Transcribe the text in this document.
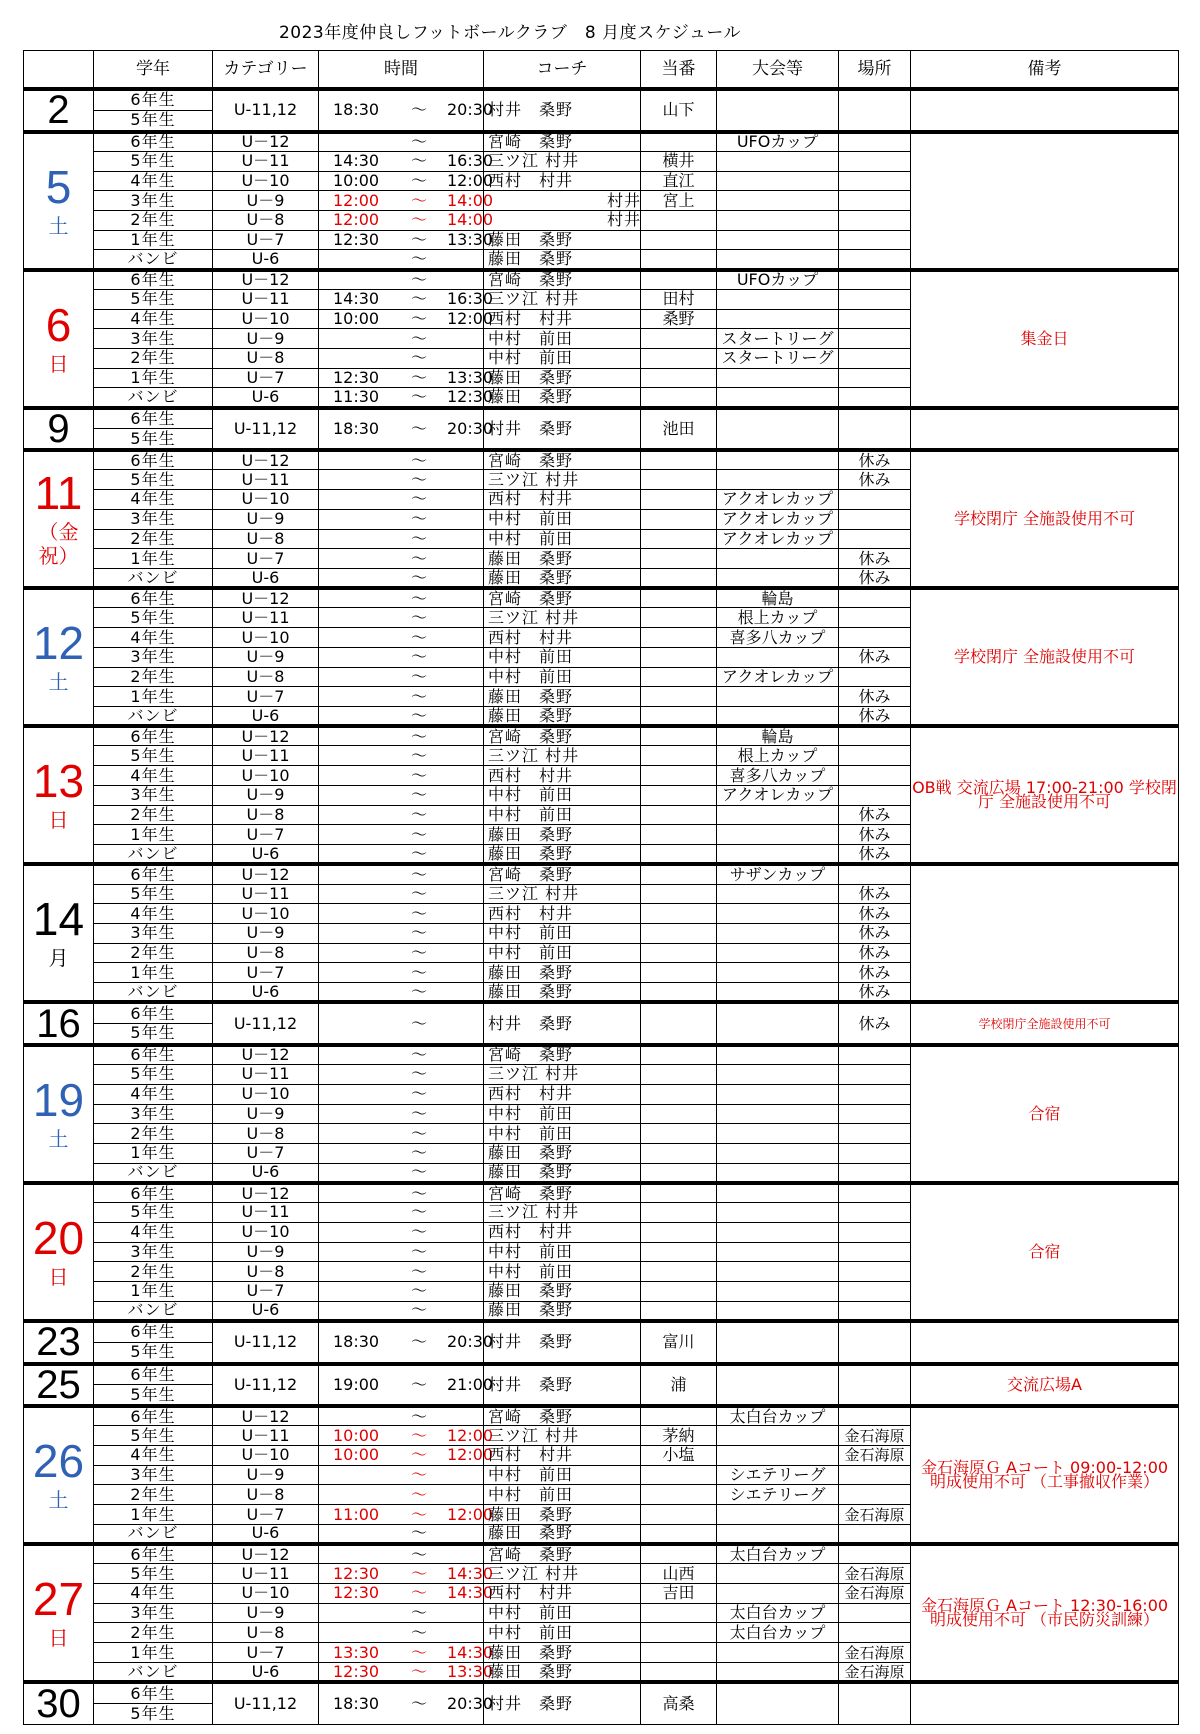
2023年度仲良しフットボールクラブ　8 月度スケジュール
	学年	カテゴリー	時間	コーチ	当番	大会等	場所	備考

2	6年生	U-11,12	18:30 ～ 20:30	村井　桑野	山下			
	5年生							

5
土	6年生	U－12	～	宮崎　桑野		UFOカップ		
	5年生	U－11	14:30 ～ 16:30	三ツ江 村井	横井			
	4年生	U－10	10:00 ～ 12:00	西村　村井	直江			
	3年生	U－9	12:00 ～ 14:00	　　　　　　　村井	宮上			
	2年生	U－8	12:00 ～ 14:00	　　　　　　　村井				
	1年生	U－7	12:30 ～ 13:30	藤田　桑野				
	バンビ	U-6	～	藤田　桑野				

6
日	6年生	U－12	～	宮崎　桑野		UFOカップ		集金日
	5年生	U－11	14:30 ～ 16:30	三ツ江 村井	田村			
	4年生	U－10	10:00 ～ 12:00	西村　村井	桑野			
	3年生	U－9	～	中村　前田		スタートリーグ		
	2年生	U－8	～	中村　前田		スタートリーグ		
	1年生	U－7	12:30 ～ 13:30	藤田　桑野				
	バンビ	U-6	11:30 ～ 12:30	藤田　桑野				

9	6年生	U-11,12	18:30 ～ 20:30	村井　桑野	池田			
	5年生							

11
（金
祝）	6年生	U－12	～	宮崎　桑野			休み	学校閉庁 全施設使用不可
	5年生	U－11	～	三ツ江 村井			休み	
	4年生	U－10	～	西村　村井		アクオレカップ		
	3年生	U－9	～	中村　前田		アクオレカップ		
	2年生	U－8	～	中村　前田		アクオレカップ		
	1年生	U－7	～	藤田　桑野			休み	
	バンビ	U-6	～	藤田　桑野			休み	

12
土	6年生	U－12	～	宮崎　桑野		輪島		学校閉庁 全施設使用不可
	5年生	U－11	～	三ツ江 村井		根上カップ		
	4年生	U－10	～	西村　村井		喜多八カップ		
	3年生	U－9	～	中村　前田			休み	
	2年生	U－8	～	中村　前田		アクオレカップ		
	1年生	U－7	～	藤田　桑野			休み	
	バンビ	U-6	～	藤田　桑野			休み	

13
日	6年生	U－12	～	宮崎　桑野		輪島		OB戦 交流広場 17:00-21:00 学校閉庁 全施設使用不可
	5年生	U－11	～	三ツ江 村井		根上カップ		
	4年生	U－10	～	西村　村井		喜多八カップ		
	3年生	U－9	～	中村　前田		アクオレカップ		
	2年生	U－8	～	中村　前田			休み	
	1年生	U－7	～	藤田　桑野			休み	
	バンビ	U-6	～	藤田　桑野			休み	

14
月	6年生	U－12	～	宮崎　桑野		サザンカップ		
	5年生	U－11	～	三ツ江 村井			休み	
	4年生	U－10	～	西村　村井			休み	
	3年生	U－9	～	中村　前田			休み	
	2年生	U－8	～	中村　前田			休み	
	1年生	U－7	～	藤田　桑野			休み	
	バンビ	U-6	～	藤田　桑野			休み	

16	6年生	U-11,12	～	村井　桑野			休み	学校閉庁全施設使用不可
	5年生							

19
土	6年生	U－12	～	宮崎　桑野				合宿
	5年生	U－11	～	三ツ江 村井				
	4年生	U－10	～	西村　村井				
	3年生	U－9	～	中村　前田				
	2年生	U－8	～	中村　前田				
	1年生	U－7	～	藤田　桑野				
	バンビ	U-6	～	藤田　桑野				

20
日	6年生	U－12	～	宮崎　桑野				合宿
	5年生	U－11	～	三ツ江 村井				
	4年生	U－10	～	西村　村井				
	3年生	U－9	～	中村　前田				
	2年生	U－8	～	中村　前田				
	1年生	U－7	～	藤田　桑野				
	バンビ	U-6	～	藤田　桑野				

23	6年生	U-11,12	18:30 ～ 20:30	村井　桑野	富川			
	5年生							

25	6年生	U-11,12	19:00 ～ 21:00	村井　桑野	浦			交流広場A
	5年生							

26
土	6年生	U－12	～	宮崎　桑野		太白台カップ		金石海原Ｇ Aコート 09:00-12:00 明成使用不可 （工事撤収作業）
	5年生	U－11	10:00 ～ 12:00	三ツ江 村井	茅納		金石海原	
	4年生	U－10	10:00 ～ 12:00	西村　村井	小塩		金石海原	
	3年生	U－9	～	中村　前田		シエテリーグ		
	2年生	U－8	～	中村　前田		シエテリーグ		
	1年生	U－7	11:00 ～ 12:00	藤田　桑野			金石海原	
	バンビ	U-6	～	藤田　桑野				

27
日	6年生	U－12	～	宮崎　桑野		太白台カップ		金石海原Ｇ Aコート 12:30-16:00 明成使用不可 （市民防災訓練）
	5年生	U－11	12:30 ～ 14:30	三ツ江 村井	山西		金石海原	
	4年生	U－10	12:30 ～ 14:30	西村　村井	吉田		金石海原	
	3年生	U－9	～	中村　前田		太白台カップ		
	2年生	U－8	～	中村　前田		太白台カップ		
	1年生	U－7	13:30 ～ 14:30	藤田　桑野			金石海原	
	バンビ	U-6	12:30 ～ 13:30	藤田　桑野			金石海原	

30	6年生	U-11,12	18:30 ～ 20:30	村井　桑野	高桑			
	5年生							
